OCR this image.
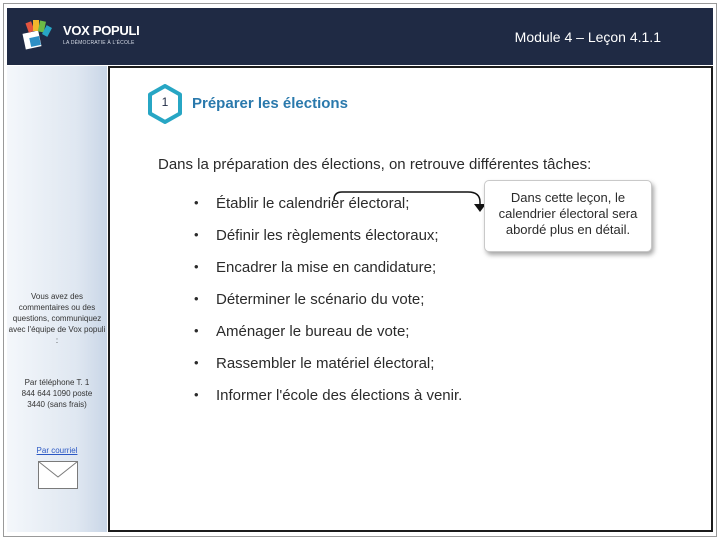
VOX POPULI
LA DÉMOCRATIE À L'ÉCOLE	Module 4 – Leçon 4.1.1
Vous avez des commentaires ou des questions, communiquez avec l'équipe de Vox populi :
Par téléphone T. 1 844 644 1090 poste 3440 (sans frais)
Par courriel
1	Préparer les élections
Dans la préparation des élections, on retrouve différentes tâches:
•	Établir le calendrier électoral;
•	Définir les règlements électoraux;
•	Encadrer la mise en candidature;
•	Déterminer le scénario du vote;
•	Aménager le bureau de vote;
•	Rassembler le matériel électoral;
•	Informer l'école des élections à venir.
Dans cette leçon, le calendrier électoral sera abordé plus en détail.
